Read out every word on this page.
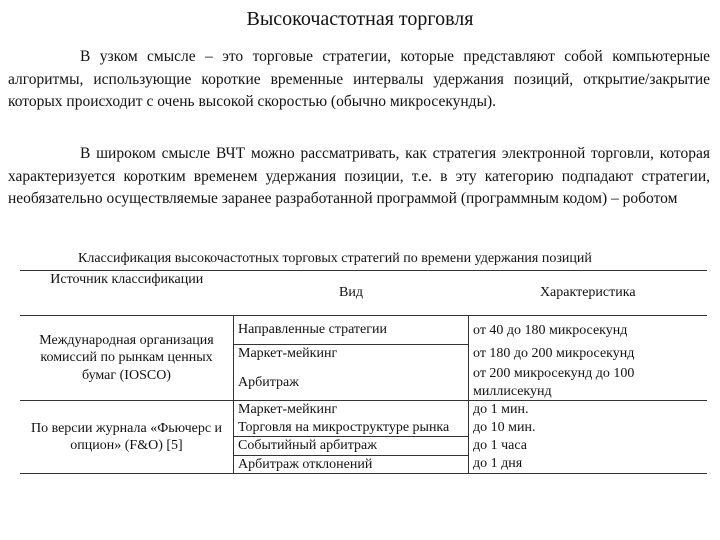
Высокочастотная торговля
В узком смысле – это торговые стратегии, которые представляют собой компьютерные алгоритмы, использующие короткие временные интервалы удержания позиций, открытие/закрытие которых происходит с очень высокой скоростью (обычно микросекунды).
В широком смысле ВЧТ можно рассматривать, как стратегия электронной торговли, которая характеризуется коротким временем удержания позиции, т.е. в эту категорию подпадают стратегии, необязательно осуществляемые заранее разработанной программой (программным кодом) – роботом
Классификация высокочастотных торговых стратегий по времени удержания позиций
Источник классификации	Вид	Характеристика
Международная организация комиссий по рынкам ценных бумаг (IOSCO)	Направленные стратегии	от 40 до 180 микросекунд
	Маркет-мейкинг	от 180 до 200 микросекунд
	Арбитраж	от 200 микросекунд до 100 миллисекунд
По версии журнала «Фьючерс и опцион» (F&O) [5]	Маркет-мейкинг	до 1 мин.
	Торговля на микроструктуре рынка	до 10 мин.
	Событийный арбитраж	до 1 часа
	Арбитраж отклонений	до 1 дня
